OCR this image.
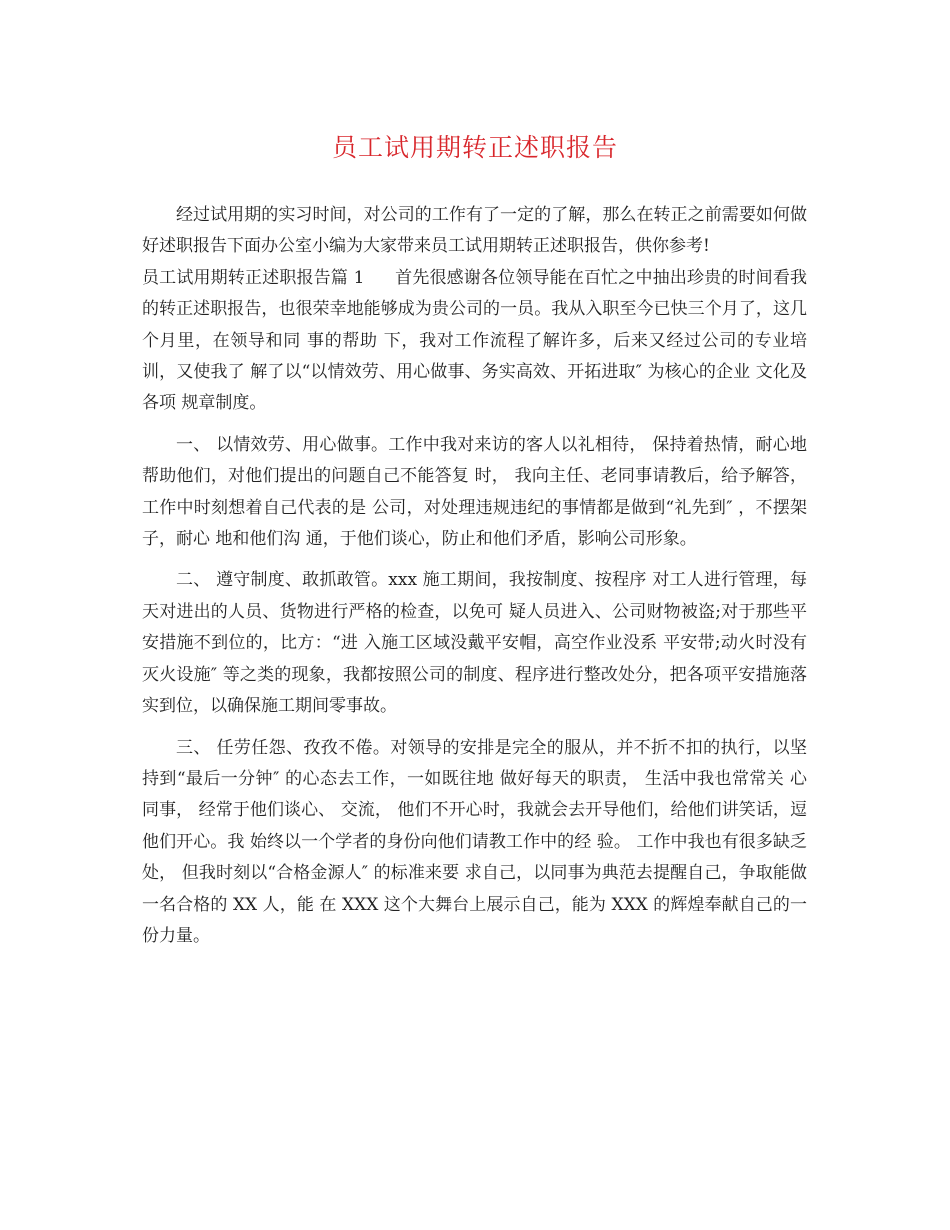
员工试用期转正述职报告

经过试用期的实习时间，对公司的工作有了一定的了解，那么在转正之前需要如何做好述职报告下面办公室小编为大家带来员工试用期转正述职报告，供你参考!

员工试用期转正述职报告篇 1 首先很感谢各位领导能在百忙之中抽出珍贵的时间看我的转正述职报告，也很荣幸地能够成为贵公司的一员。我从入职至今已快三个月了，这几个月里，在领导和同 事的帮助 下，我对工作流程了解许多，后来又经过公司的专业培训，又使我了 解了以“以情效劳、用心做事、务实高效、开拓进取″ 为核心的企业 文化及各项 规章制度。

一、 以情效劳、用心做事。工作中我对来访的客人以礼相待， 保持着热情，耐心地帮助他们，对他们提出的问题自己不能答复 时， 我向主任、老同事请教后，给予解答，工作中时刻想着自己代表的是 公司，对处理违规违纪的事情都是做到“礼先到″ ，不摆架子，耐心 地和他们沟 通，于他们谈心，防止和他们矛盾，影响公司形象。

二、 遵守制度、敢抓敢管。xxx 施工期间，我按制度、按程序 对工人进行管理，每 天对进出的人员、货物进行严格的检查，以免可 疑人员进入、公司财物被盗;对于那些平安措施不到位的，比方：“进 入施工区域没戴平安帽，高空作业没系 平安带;动火时没有灭火设施″ 等之类的现象，我都按照公司的制度、程序进行整改处分，把各项平安措施落实到位，以确保施工期间零事故。

三、 任劳任怨、孜孜不倦。对领导的安排是完全的服从，并不折不扣的执行，以坚持到“最后一分钟″ 的心态去工作，一如既往地 做好每天的职责， 生活中我也常常关 心同事， 经常于他们谈心、 交流， 他们不开心时，我就会去开导他们，给他们讲笑话，逗他们开心。我 始终以一个学者的身份向他们请教工作中的经 验。 工作中我也有很多缺乏处， 但我时刻以“合格金源人″ 的标准来要 求自己，以同事为典范去提醒自己，争取能做一名合格的 XX 人，能 在 XXX 这个大舞台上展示自己，能为 XXX 的辉煌奉献自己的一份力量。
